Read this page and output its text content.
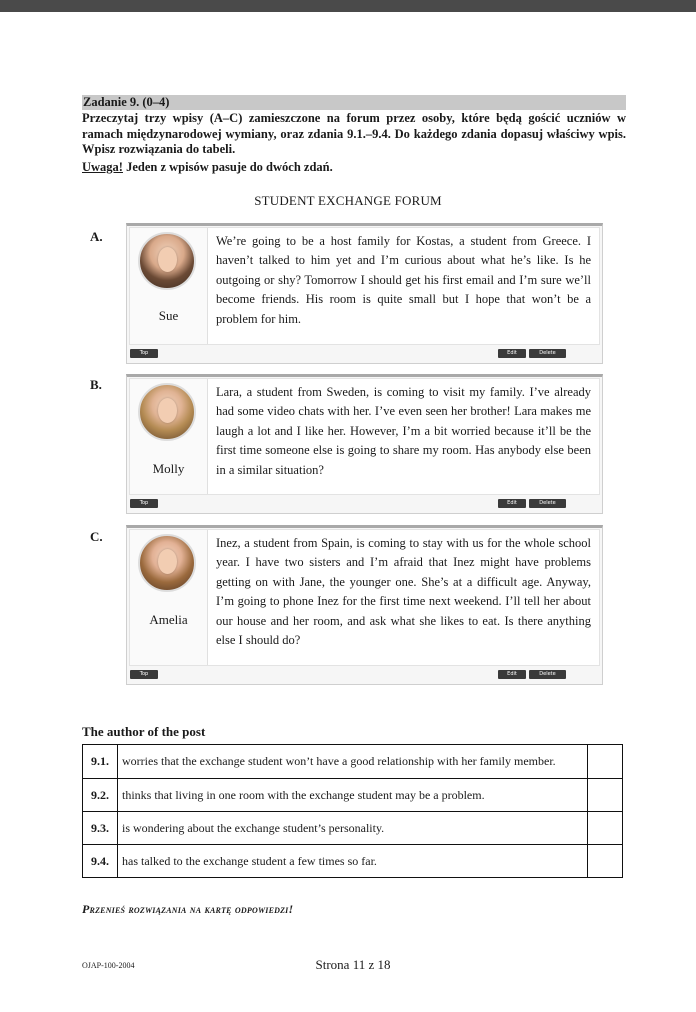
Zadanie 9. (0–4)

Przeczytaj trzy wpisy (A–C) zamieszczone na forum przez osoby, które będą gościć uczniów w ramach międzynarodowej wymiany, oraz zdania 9.1.–9.4. Do każdego zdania dopasuj właściwy wpis. Wpisz rozwiązania do tabeli.

Uwaga! Jeden z wpisów pasuje do dwóch zdań.
STUDENT EXCHANGE FORUM
A.
Sue
We’re going to be a host family for Kostas, a student from Greece. I haven’t talked to him yet and I’m curious about what he’s like. Is he outgoing or shy? Tomorrow I should get his first email and I’m sure we’ll become friends. His room is quite small but I hope that won’t be a problem for him.
Top	Edit	Delete
B.
Molly
Lara, a student from Sweden, is coming to visit my family. I’ve already had some video chats with her. I’ve even seen her brother! Lara makes me laugh a lot and I like her. However, I’m a bit worried because it’ll be the first time someone else is going to share my room. Has anybody else been in a similar situation?
Top	Edit	Delete
C.
Amelia
Inez, a student from Spain, is coming to stay with us for the whole school year. I have two sisters and I’m afraid that Inez might have problems getting on with Jane, the younger one. She’s at a difficult age. Anyway, I’m going to phone Inez for the first time next weekend. I’ll tell her about our house and her room, and ask what she likes to eat. Is there anything else I should do?
Top	Edit	Delete
The author of the post
9.1.	worries that the exchange student won’t have a good relationship with her family member.	
9.2.	thinks that living in one room with the exchange student may be a problem.	
9.3.	is wondering about the exchange student’s personality.	
9.4.	has talked to the exchange student a few times so far.	
Przenieś rozwiązania na kartę odpowiedzi!
OJAP-100-2004	Strona 11 z 18
